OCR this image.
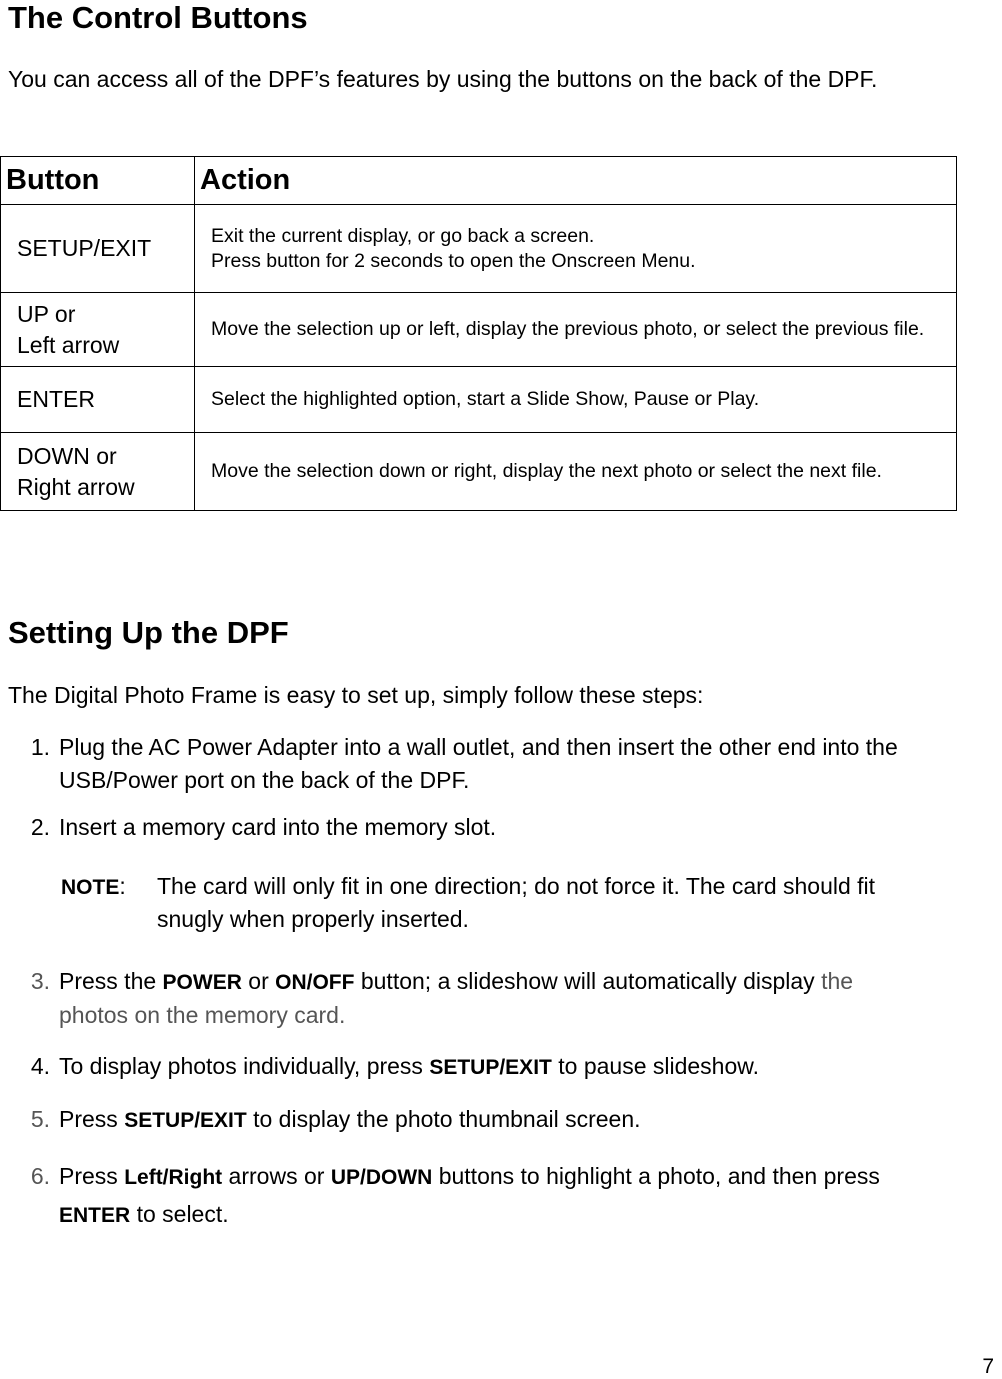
The Control Buttons
You can access all of the DPF’s features by using the buttons on the back of the DPF.
Button	Action
SETUP/EXIT	Exit the current display, or go back a screen.
Press button for 2 seconds to open the Onscreen Menu.

UP or
Left arrow	Move the selection up or left, display the previous photo, or select the previous file.

ENTER	Select the highlighted option, start a Slide Show, Pause or Play.

DOWN or
Right arrow	Move the selection down or right, display the next photo or select the next file.
Setting Up the DPF
The Digital Photo Frame is easy to set up, simply follow these steps:
1. Plug the AC Power Adapter into a wall outlet, and then insert the other end into the USB/Power port on the back of the DPF.
2. Insert a memory card into the memory slot.
NOTE: The card will only fit in one direction; do not force it. The card should fit snugly when properly inserted.
3. Press the POWER or ON/OFF button; a slideshow will automatically display the photos on the memory card.
4. To display photos individually, press SETUP/EXIT to pause slideshow.
5. Press SETUP/EXIT to display the photo thumbnail screen.
6. Press Left/Right arrows or UP/DOWN buttons to highlight a photo, and then press ENTER to select.
7
